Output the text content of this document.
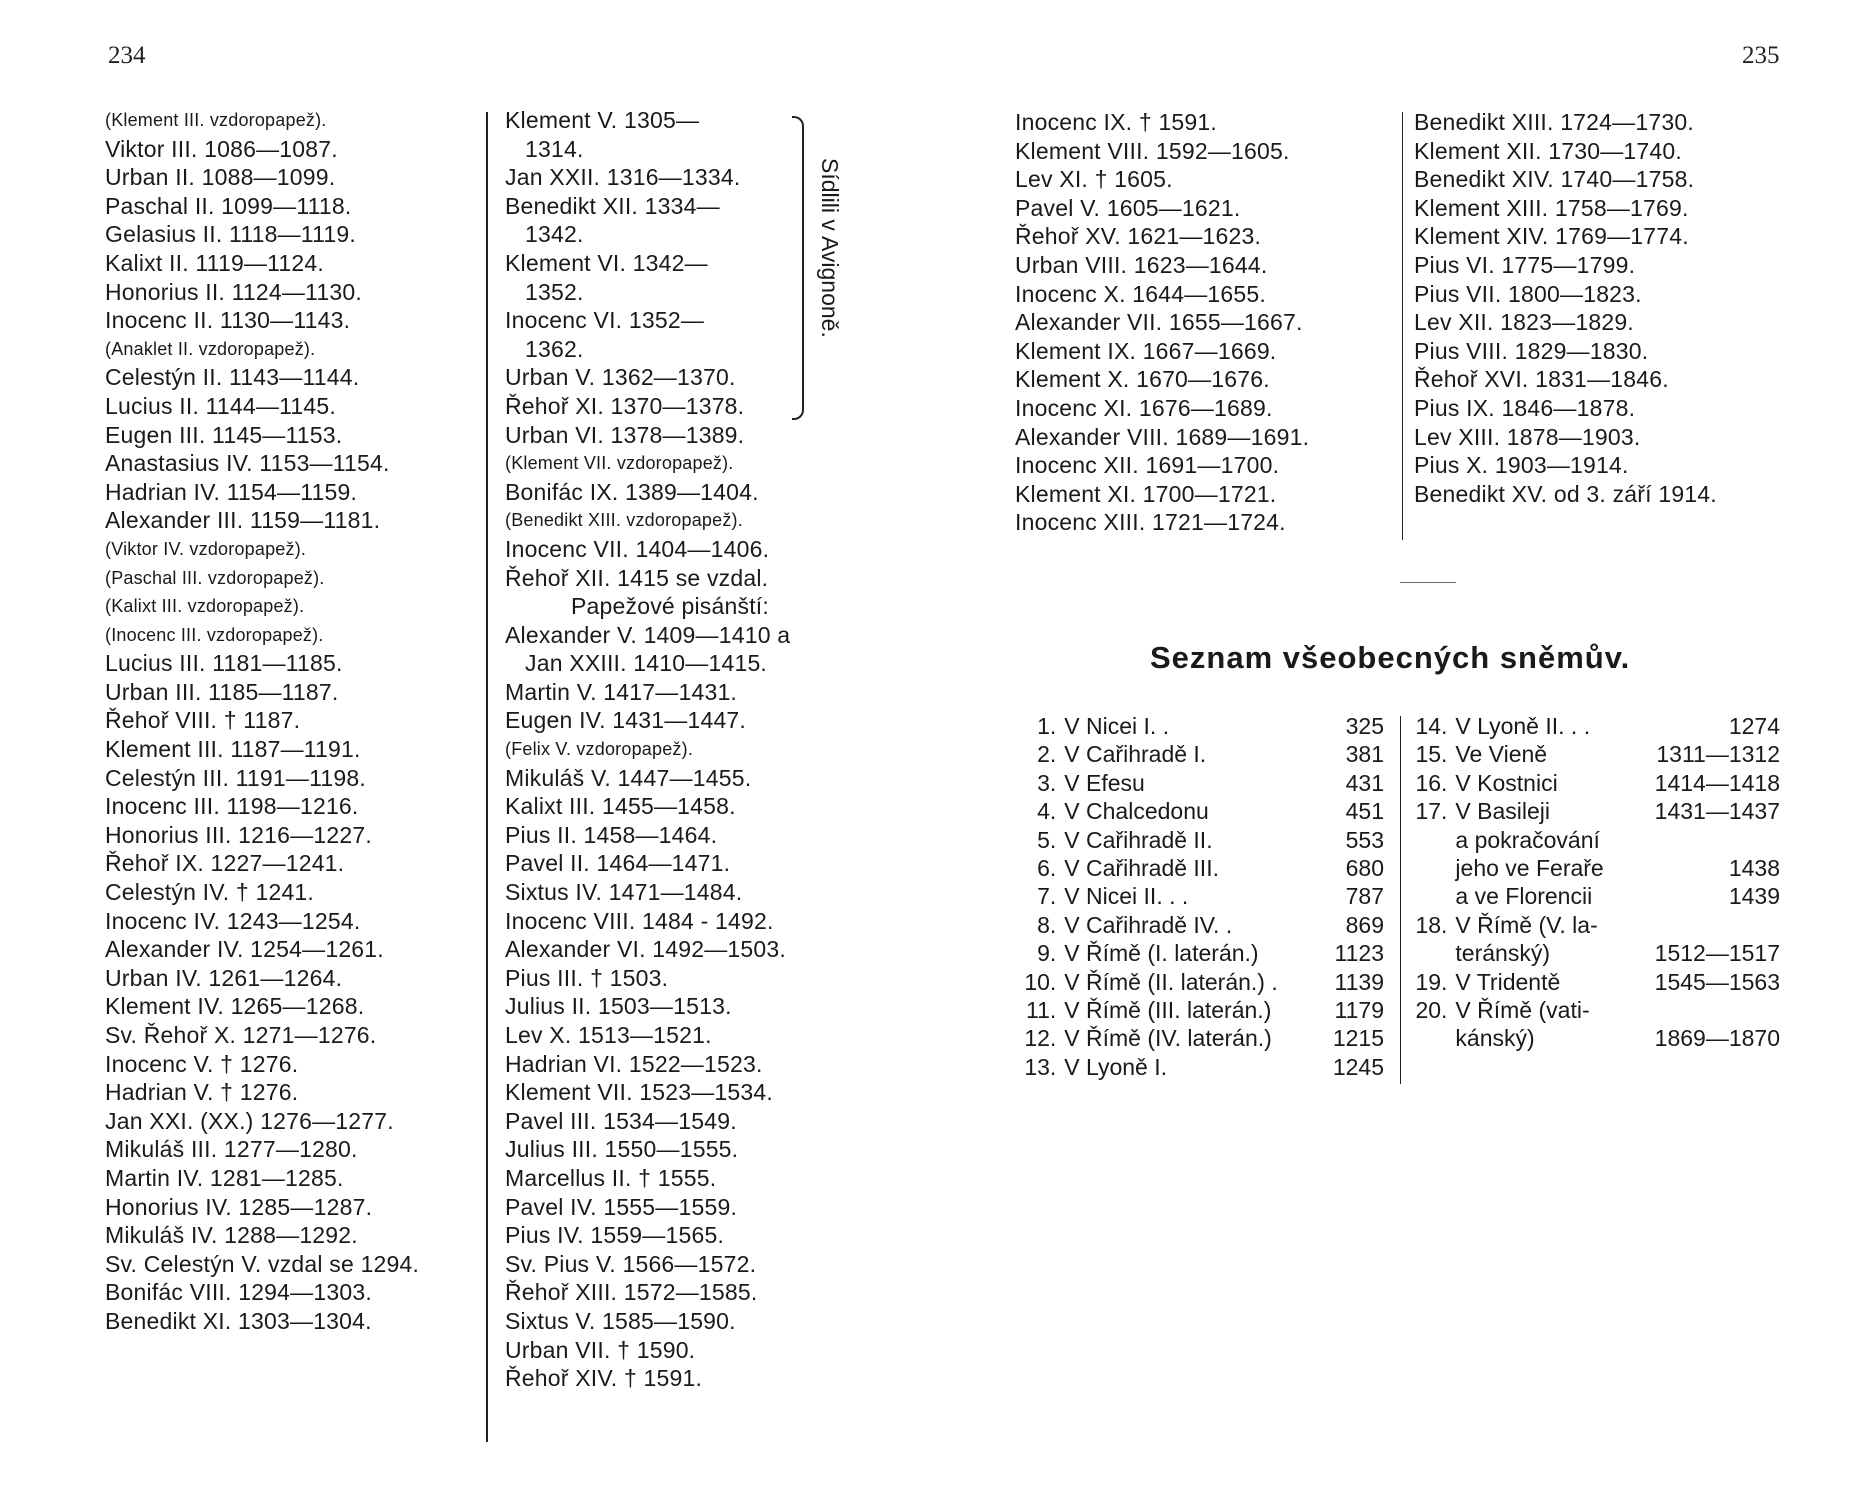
234	235
(Klement III. vzdoropapež).
Viktor III. 1086—1087.
Urban II. 1088—1099.
Paschal II. 1099—1118.
Gelasius II. 1118—1119.
Kalixt II. 1119—1124.
Honorius II. 1124—1130.
Inocenc II. 1130—1143.
(Anaklet II. vzdoropapež).
Celestýn II. 1143—1144.
Lucius II. 1144—1145.
Eugen III. 1145—1153.
Anastasius IV. 1153—1154.
Hadrian IV. 1154—1159.
Alexander III. 1159—1181.
(Viktor IV. vzdoropapež).
(Paschal III. vzdoropapež).
(Kalixt III. vzdoropapež).
(Inocenc III. vzdoropapež).
Lucius III. 1181—1185.
Urban III. 1185—1187.
Řehoř VIII. † 1187.
Klement III. 1187—1191.
Celestýn III. 1191—1198.
Inocenc III. 1198—1216.
Honorius III. 1216—1227.
Řehoř IX. 1227—1241.
Celestýn IV. † 1241.
Inocenc IV. 1243—1254.
Alexander IV. 1254—1261.
Urban IV. 1261—1264.
Klement IV. 1265—1268.
Sv. Řehoř X. 1271—1276.
Inocenc V. † 1276.
Hadrian V. † 1276.
Jan XXI. (XX.) 1276—1277.
Mikuláš III. 1277—1280.
Martin IV. 1281—1285.
Honorius IV. 1285—1287.
Mikuláš IV. 1288—1292.
Sv. Celestýn V. vzdal se 1294.
Bonifác VIII. 1294—1303.
Benedikt XI. 1303—1304.
Klement V. 1305—
1314.
Jan XXII. 1316—1334.
Benedikt XII. 1334—
1342.
Klement VI. 1342—
1352.
Inocenc VI. 1352—
1362.
Urban V. 1362—1370.
Řehoř XI. 1370—1378.
Urban VI. 1378—1389.
(Klement VII. vzdoropapež).
Bonifác IX. 1389—1404.
(Benedikt XIII. vzdoropapež).
Inocenc VII. 1404—1406.
Řehoř XII. 1415 se vzdal.
Papežové pisánští:
Alexander V. 1409—1410 a
Jan XXIII. 1410—1415.
Martin V. 1417—1431.
Eugen IV. 1431—1447.
(Felix V. vzdoropapež).
Mikuláš V. 1447—1455.
Kalixt III. 1455—1458.
Pius II. 1458—1464.
Pavel II. 1464—1471.
Sixtus IV. 1471—1484.
Inocenc VIII. 1484 - 1492.
Alexander VI. 1492—1503.
Pius III. † 1503.
Julius II. 1503—1513.
Lev X. 1513—1521.
Hadrian VI. 1522—1523.
Klement VII. 1523—1534.
Pavel III. 1534—1549.
Julius III. 1550—1555.
Marcellus II. † 1555.
Pavel IV. 1555—1559.
Pius IV. 1559—1565.
Sv. Pius V. 1566—1572.
Řehoř XIII. 1572—1585.
Sixtus V. 1585—1590.
Urban VII. † 1590.
Řehoř XIV. † 1591.
Sídlili v Avignoně.
Inocenc IX. † 1591.
Klement VIII. 1592—1605.
Lev XI. † 1605.
Pavel V. 1605—1621.
Řehoř XV. 1621—1623.
Urban VIII. 1623—1644.
Inocenc X. 1644—1655.
Alexander VII. 1655—1667.
Klement IX. 1667—1669.
Klement X. 1670—1676.
Inocenc XI. 1676—1689.
Alexander VIII. 1689—1691.
Inocenc XII. 1691—1700.
Klement XI. 1700—1721.
Inocenc XIII. 1721—1724.
Benedikt XIII. 1724—1730.
Klement XII. 1730—1740.
Benedikt XIV. 1740—1758.
Klement XIII. 1758—1769.
Klement XIV. 1769—1774.
Pius VI. 1775—1799.
Pius VII. 1800—1823.
Lev XII. 1823—1829.
Pius VIII. 1829—1830.
Řehoř XVI. 1831—1846.
Pius IX. 1846—1878.
Lev XIII. 1878—1903.
Pius X. 1903—1914.
Benedikt XV. od 3. září 1914.
Seznam všeobecných sněmův.
1.	V Nicei I. .	325
2.	V Cařihradě I.	381
3.	V Efesu	431
4.	V Chalcedonu	451
5.	V Cařihradě II.	553
6.	V Cařihradě III.	680
7.	V Nicei II. . .	787
8.	V Cařihradě IV. .	869
9.	V Římě (I. laterán.)	1123
10.	V Římě (II. laterán.) .	1139
11.	V Římě (III. laterán.)	1179
12.	V Římě (IV. laterán.)	1215
13.	V Lyoně I.	1245
14.	V Lyoně II. . .	1274
15.	Ve Vieně	1311—1312
16.	V Kostnici	1414—1418
17.	V Basileji	1431—1437
	a pokračování	
	jeho ve Feraře	1438
	a ve Florencii	1439
18.	V Římě (V. la-	
	teránský)	1512—1517
19.	V Tridentě	1545—1563
20.	V Římě (vati-	
	kánský)	1869—1870
